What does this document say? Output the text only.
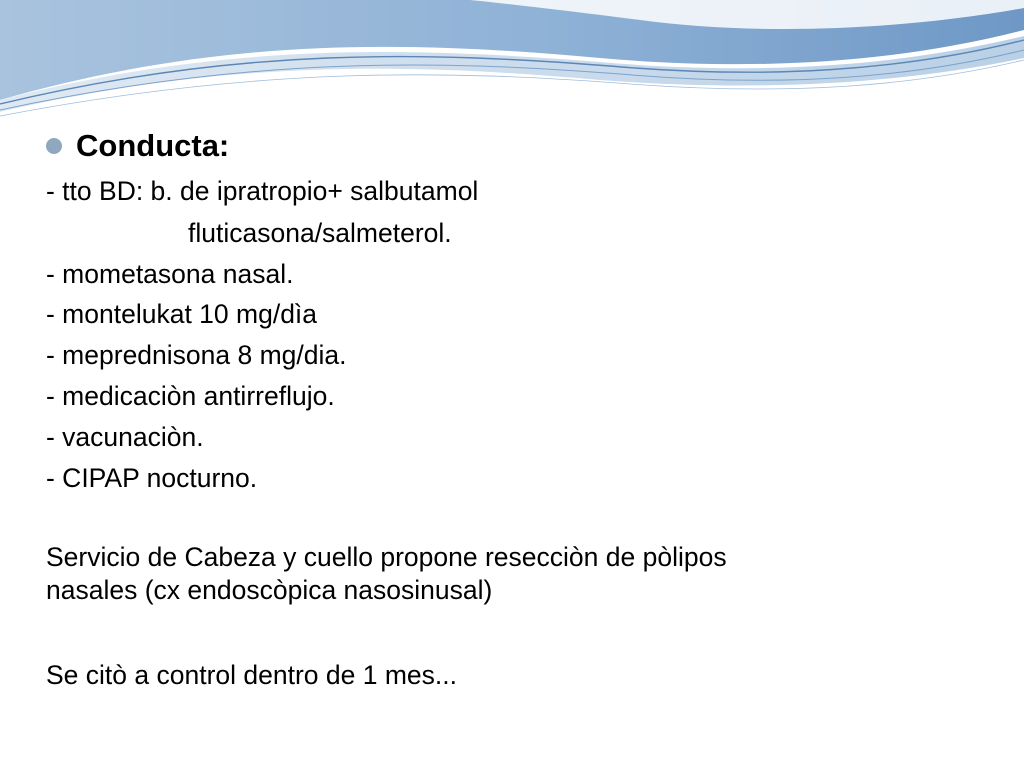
Conducta:
- tto BD: b. de ipratropio+ salbutamol
fluticasona/salmeterol.
- mometasona nasal.
- montelukat 10 mg/dìa
- meprednisona 8 mg/dia.
- medicaciòn antirreflujo.
- vacunaciòn.
- CIPAP nocturno.
Servicio de Cabeza y cuello propone resecciòn de pòlipos
nasales (cx endoscòpica nasosinusal)
Se citò a control dentro de 1 mes...
